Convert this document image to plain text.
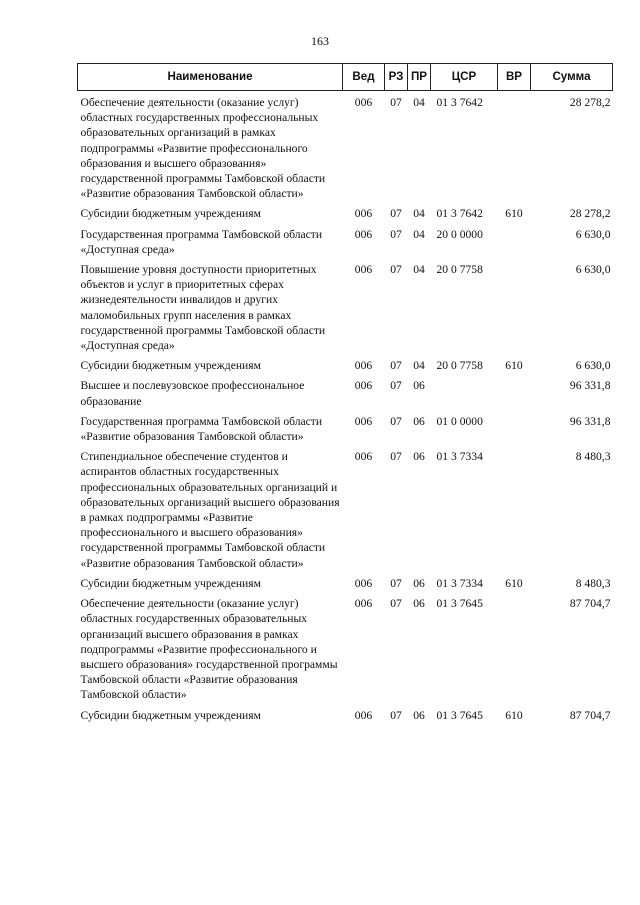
163
Наименование	Вед	РЗ	ПР	ЦСР	ВР	Сумма
Обеспечение деятельности (оказание услуг) областных государственных профессиональных образовательных организаций в рамках подпрограммы «Развитие профессионального образования и высшего образования» государственной программы Тамбовской области «Развитие образования Тамбовской области»	006	07	04	01 3 7642		28 278,2
Субсидии бюджетным учреждениям	006	07	04	01 3 7642	610	28 278,2
Государственная программа Тамбовской области «Доступная среда»	006	07	04	20 0 0000		6 630,0
Повышение уровня доступности приоритетных объектов и услуг в приоритетных сферах жизнедеятельности инвалидов и других маломобильных групп населения в рамках государственной программы Тамбовской области «Доступная среда»	006	07	04	20 0 7758		6 630,0
Субсидии бюджетным учреждениям	006	07	04	20 0 7758	610	6 630,0
Высшее и послевузовское профессиональное образование	006	07	06			96 331,8
Государственная программа Тамбовской области «Развитие образования Тамбовской области»	006	07	06	01 0 0000		96 331,8
Стипендиальное обеспечение студентов и аспирантов областных государственных профессиональных образовательных организаций и образовательных организаций высшего образования в рамках подпрограммы «Развитие профессионального и высшего образования» государственной программы Тамбовской области «Развитие образования Тамбовской области»	006	07	06	01 3 7334		8 480,3
Субсидии бюджетным учреждениям	006	07	06	01 3 7334	610	8 480,3
Обеспечение деятельности (оказание услуг) областных государственных образовательных организаций высшего образования в рамках подпрограммы «Развитие профессионального и высшего образования» государственной программы Тамбовской области «Развитие образования Тамбовской области»	006	07	06	01 3 7645		87 704,7
Субсидии бюджетным учреждениям	006	07	06	01 3 7645	610	87 704,7
